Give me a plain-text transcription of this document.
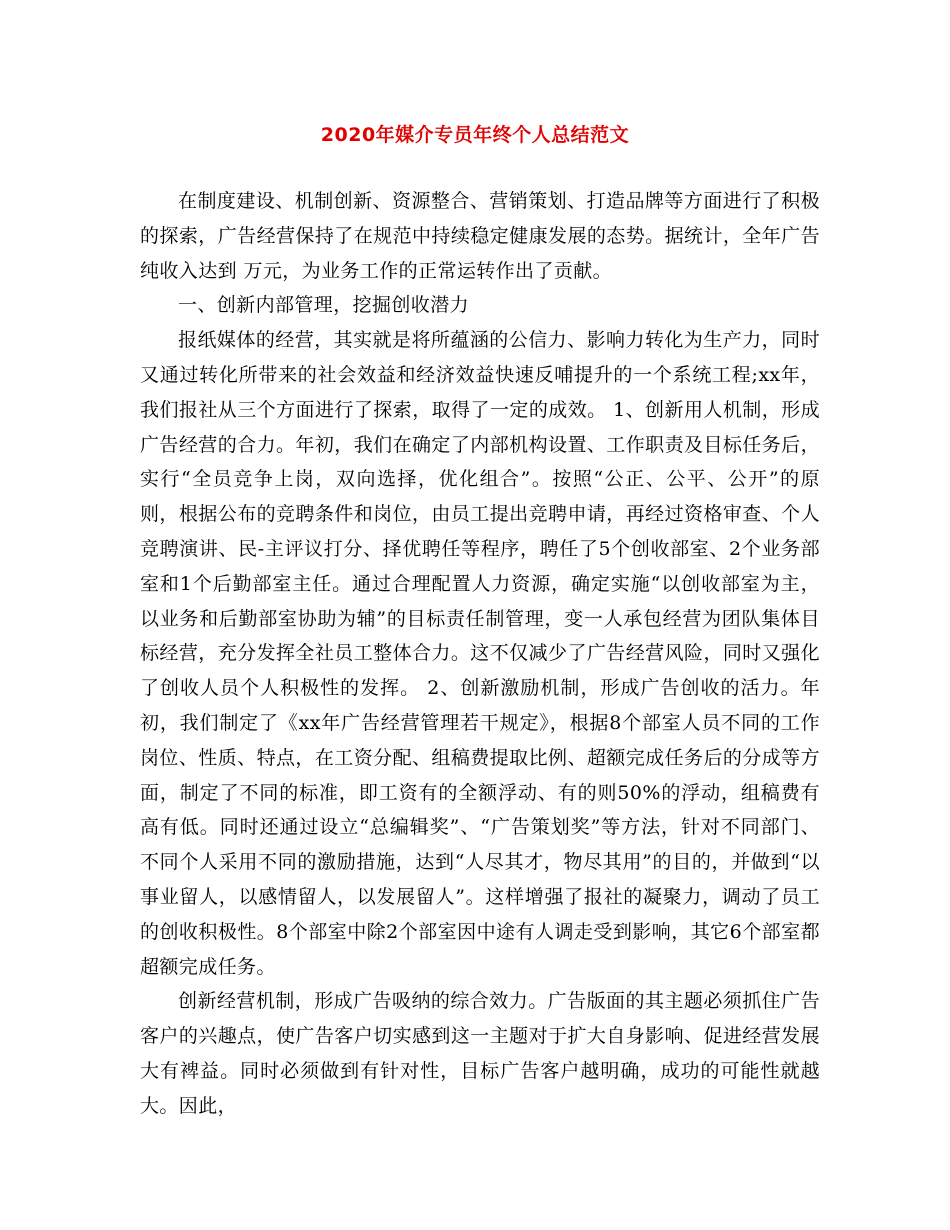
2020年媒介专员年终个人总结范文

在制度建设、机制创新、资源整合、营销策划、打造品牌等方面进行了积极的探索，广告经营保持了在规范中持续稳定健康发展的态势。据统计，全年广告纯收入达到 万元，为业务工作的正常运转作出了贡献。

一、创新内部管理，挖掘创收潜力

报纸媒体的经营，其实就是将所蕴涵的公信力、影响力转化为生产力，同时又通过转化所带来的社会效益和经济效益快速反哺提升的一个系统工程;xx年，我们报社从三个方面进行了探索，取得了一定的成效。 1、创新用人机制，形成广告经营的合力。年初，我们在确定了内部机构设置、工作职责及目标任务后，实行“全员竞争上岗，双向选择，优化组合”。按照“公正、公平、公开”的原则，根据公布的竞聘条件和岗位，由员工提出竞聘申请，再经过资格审查、个人竞聘演讲、民-主评议打分、择优聘任等程序，聘任了5个创收部室、2个业务部室和1个后勤部室主任。通过合理配置人力资源，确定实施“以创收部室为主，以业务和后勤部室协助为辅”的目标责任制管理，变一人承包经营为团队集体目标经营，充分发挥全社员工整体合力。这不仅减少了广告经营风险，同时又强化了创收人员个人积极性的发挥。 2、创新激励机制，形成广告创收的活力。年初，我们制定了《xx年广告经营管理若干规定》，根据8个部室人员不同的工作岗位、性质、特点，在工资分配、组稿费提取比例、超额完成任务后的分成等方面，制定了不同的标准，即工资有的全额浮动、有的则50%的浮动，组稿费有高有低。同时还通过设立“总编辑奖”、“广告策划奖”等方法，针对不同部门、不同个人采用不同的激励措施，达到“人尽其才，物尽其用”的目的，并做到“以事业留人，以感情留人，以发展留人”。这样增强了报社的凝聚力，调动了员工的创收积极性。8个部室中除2个部室因中途有人调走受到影响，其它6个部室都超额完成任务。

创新经营机制，形成广告吸纳的综合效力。广告版面的其主题必须抓住广告客户的兴趣点，使广告客户切实感到这一主题对于扩大自身影响、促进经营发展大有裨益。同时必须做到有针对性，目标广告客户越明确，成功的可能性就越大。因此，
